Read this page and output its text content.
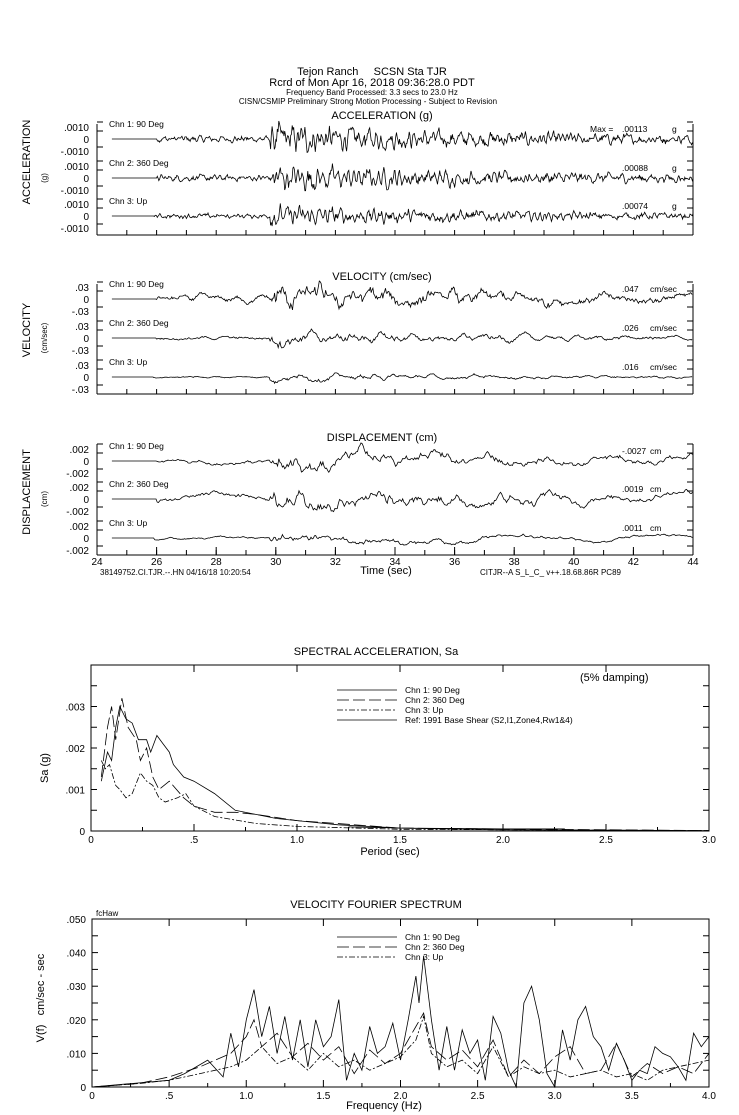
Tejon Ranch     SCSN Sta TJR
Rcrd of Mon Apr 16, 2018 09:36:28.0 PDT
Frequency Band Processed: 3.3 secs to 23.0 Hz
CISN/CSMIP Preliminary Strong Motion Processing - Subject to Revision
ACCELERATION (g)
VELOCITY (cm/sec)
DISPLACEMENT (cm)
ACCELERATION (g)
VELOCITY (cm/sec)
DISPLACEMENT (cm)
Time (sec)
38149752.CI.TJR.--.HN 04/16/18 10:20:54	CITJR--A S_L_C_ v++.18.68.86R PC89
.0010
0
-.0010
Chn 1: 90 Deg	Max = .00113	g
.0010
0
-.0010
Chn 2: 360 Deg	.00088	g
.0010
0
-.0010
Chn 3: Up	.00074	g
.03
0
-.03
Chn 1: 90 Deg	.047 cm/sec
.03
0
-.03
Chn 2: 360 Deg	.026 cm/sec
.03
0
-.03
Chn 3: Up	.016 cm/sec
.002
0
-.002
Chn 1: 90 Deg	-.0027 cm
.002
0
-.002
Chn 2: 360 Deg	.0019 cm
.002
0
-.002
Chn 3: Up	.0011 cm
24	26	28	30	32	34	36	38	40	42	44
SPECTRAL ACCELERATION, Sa
(5% damping)
Period (sec)
Sa (g)
0	.5	1.0	1.5	2.0	2.5	3.0
0
.001
.002
.003
Chn 1: 90 Deg
Chn 2: 360 Deg
Chn 3: Up
Ref: 1991 Base Shear (S2,I1,Zone4,Rw1&4)
VELOCITY FOURIER SPECTRUM
fcHaw
Frequency (Hz)
V(f)   cm/sec - sec
0	.5	1.0	1.5	2.0	2.5	3.0	3.5	4.0
0
.010
.020
.030
.040
.050
Chn 1: 90 Deg
Chn 2: 360 Deg
Chn 3: Up
